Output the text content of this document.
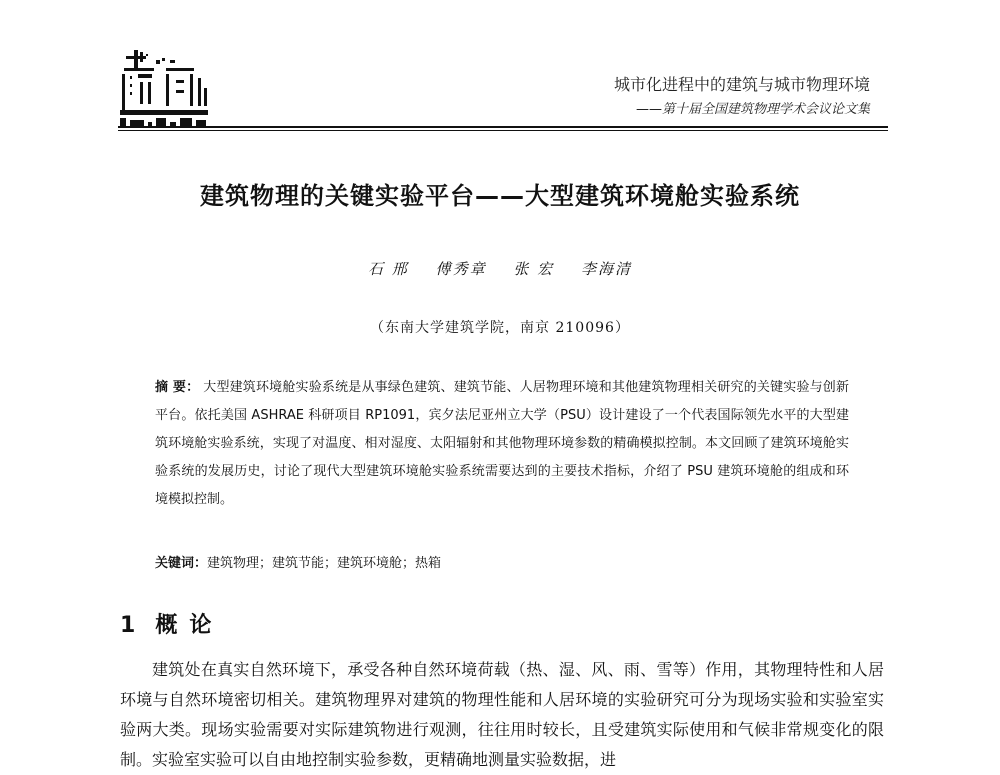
城市化进程中的建筑与城市物理环境
——第十届全国建筑物理学术会议论文集
建筑物理的关键实验平台——大型建筑环境舱实验系统
石 邢 傅秀章 张 宏 李海清
（东南大学建筑学院，南京 210096）
摘 要： 大型建筑环境舱实验系统是从事绿色建筑、建筑节能、人居物理环境和其他建筑物理相关研究的关键实验与创新平台。依托美国 ASHRAE 科研项目 RP1091，宾夕法尼亚州立大学（PSU）设计建设了一个代表国际领先水平的大型建筑环境舱实验系统，实现了对温度、相对湿度、太阳辐射和其他物理环境参数的精确模拟控制。本文回顾了建筑环境舱实验系统的发展历史，讨论了现代大型建筑环境舱实验系统需要达到的主要技术指标，介绍了 PSU 建筑环境舱的组成和环境模拟控制。
关键词：建筑物理；建筑节能；建筑环境舱；热箱
1 概论

建筑处在真实自然环境下，承受各种自然环境荷载（热、湿、风、雨、雪等）作用，其物理特性和人居环境与自然环境密切相关。建筑物理界对建筑的物理性能和人居环境的实验研究可分为现场实验和实验室实验两大类。现场实验需要对实际建筑物进行观测，往往用时较长，且受建筑实际使用和气候非常规变化的限制。实验室实验可以自由地控制实验参数，更精确地测量实验数据，进
